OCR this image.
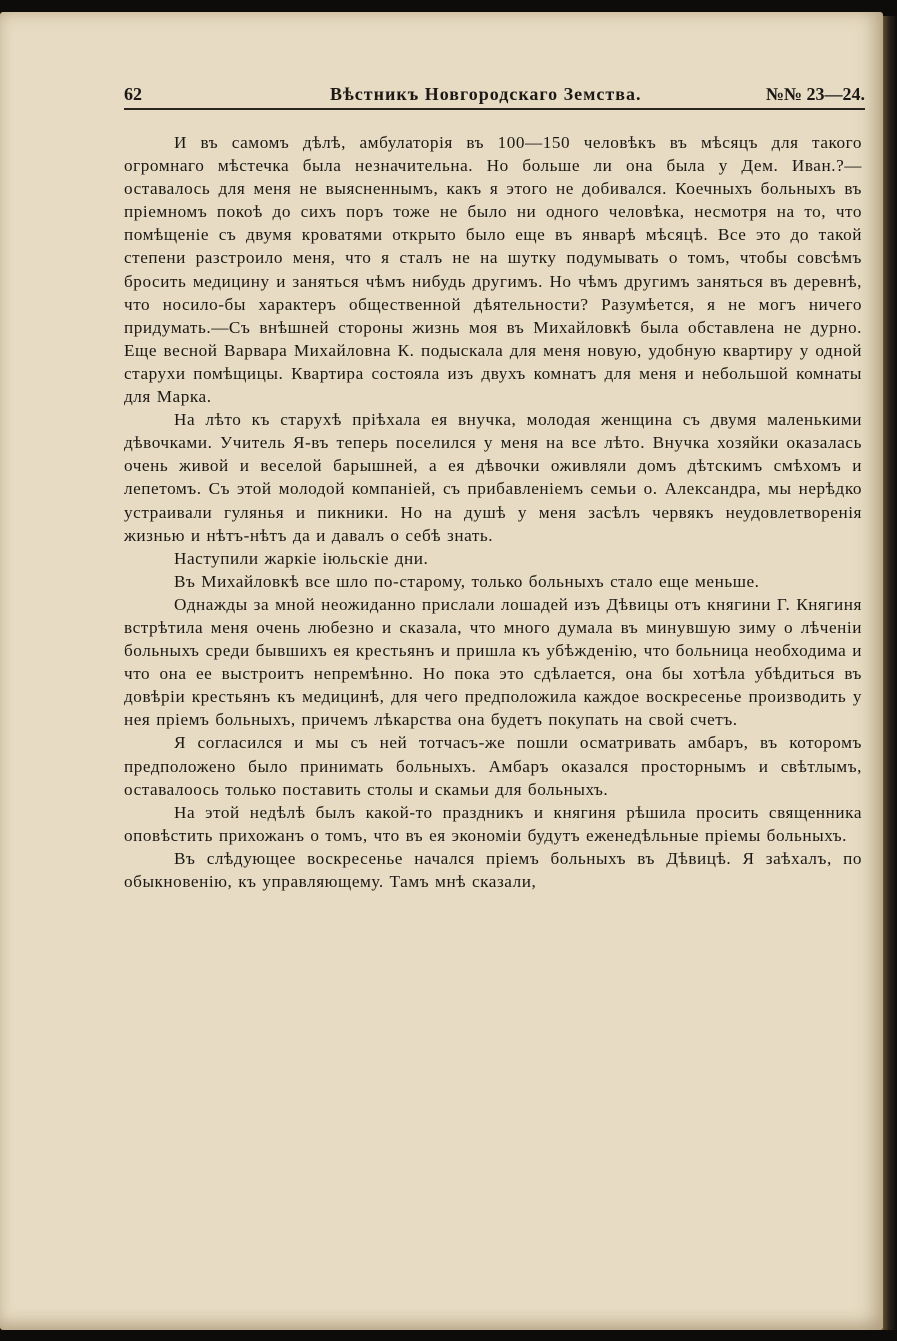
62	Вѣстникъ Новгородскаго Земства.	№№ 23—24.

И въ самомъ дѣлѣ, амбулаторія въ 100—150 человѣкъ въ мѣсяцъ для такого огромнаго мѣстечка была незначительна. Но больше ли она была у Дем. Иван.?—оставалось для меня не выясненнымъ, какъ я этого не добивался. Коечныхъ больныхъ въ пріемномъ покоѣ до сихъ поръ тоже не было ни одного человѣка, несмотря на то, что помѣщеніе съ двумя кроватями открыто было еще въ январѣ мѣсяцѣ. Все это до такой степени разстроило меня, что я сталъ не на шутку подумывать о томъ, чтобы совсѣмъ бросить медицину и заняться чѣмъ нибудь другимъ. Но чѣмъ другимъ заняться въ деревнѣ, что носило-бы характеръ общественной дѣятельности? Разумѣется, я не могъ ничего придумать.—Съ внѣшней стороны жизнь моя въ Михайловкѣ была обставлена не дурно. Еще весной Варвара Михайловна К. подыскала для меня новую, удобную квартиру у одной старухи помѣщицы. Квартира состояла изъ двухъ комнатъ для меня и небольшой комнаты для Марка.

На лѣто къ старухѣ пріѣхала ея внучка, молодая женщина съ двумя маленькими дѣвочками. Учитель Я-въ теперь поселился у меня на все лѣто. Внучка хозяйки оказалась очень живой и веселой барышней, а ея дѣвочки оживляли домъ дѣтскимъ смѣхомъ и лепетомъ. Съ этой молодой компаніей, съ прибавленіемъ семьи о. Александра, мы нерѣдко устраивали гулянья и пикники. Но на душѣ у меня засѣлъ червякъ неудовлетворенія жизнью и нѣтъ-нѣтъ да и давалъ о себѣ знать.

Наступили жаркіе іюльскіе дни.

Въ Михайловкѣ все шло по-старому, только больныхъ стало еще меньше.

Однажды за мной неожиданно прислали лошадей изъ Дѣвицы отъ княгини Г. Княгиня встрѣтила меня очень любезно и сказала, что много думала въ минувшую зиму о лѣченіи больныхъ среди бывшихъ ея крестьянъ и пришла къ убѣжденію, что больница необходима и что она ее выстроитъ непремѣнно. Но пока это сдѣлается, она бы хотѣла убѣдиться въ довѣріи крестьянъ къ медицинѣ, для чего предположила каждое воскресенье производить у нея пріемъ больныхъ, причемъ лѣкарства она будетъ покупать на свой счетъ.

Я согласился и мы съ ней тотчасъ-же пошли осматривать амбаръ, въ которомъ предположено было принимать больныхъ. Амбаръ оказался просторнымъ и свѣтлымъ, оставалоось только поставить столы и скамьи для больныхъ.

На этой недѣлѣ былъ какой-то праздникъ и княгиня рѣшила просить священника оповѣстить прихожанъ о томъ, что въ ея экономіи будутъ еженедѣльные пріемы больныхъ.

Въ слѣдующее воскресенье начался пріемъ больныхъ въ Дѣвицѣ. Я заѣхалъ, по обыкновенію, къ управляющему. Тамъ мнѣ сказали,
